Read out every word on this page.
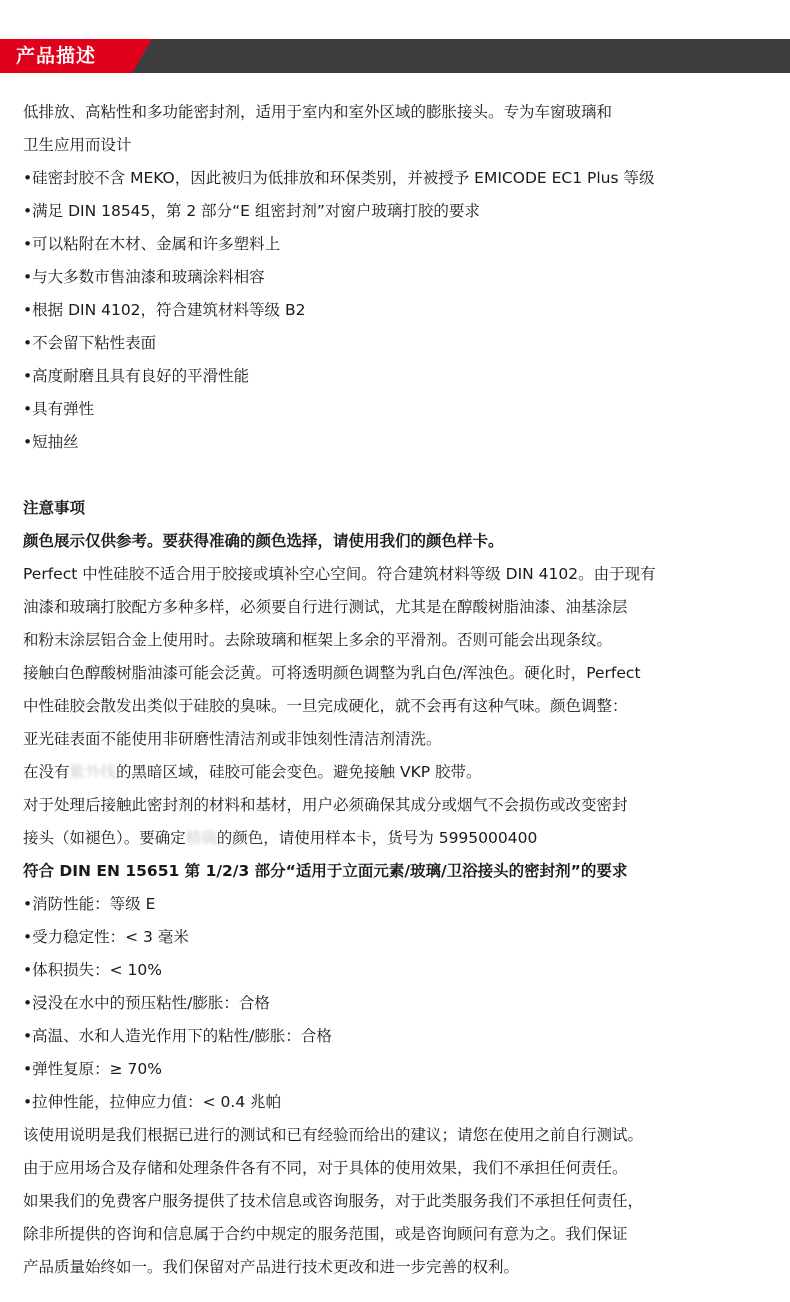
产品描述
低排放、高粘性和多功能密封剂，适用于室内和室外区域的膨胀接头。专为车窗玻璃和
卫生应用而设计
•硅密封胶不含 MEKO，因此被归为低排放和环保类别，并被授予 EMICODE EC1 Plus 等级
•满足 DIN 18545，第 2 部分“E 组密封剂”对窗户玻璃打胶的要求
•可以粘附在木材、金属和许多塑料上
•与大多数市售油漆和玻璃涂料相容
•根据 DIN 4102，符合建筑材料等级 B2
•不会留下粘性表面
•高度耐磨且具有良好的平滑性能
•具有弹性
•短抽丝
注意事项
颜色展示仅供参考。要获得准确的颜色选择，请使用我们的颜色样卡。
Perfect 中性硅胶不适合用于胶接或填补空心空间。符合建筑材料等级 DIN 4102。由于现有
油漆和玻璃打胶配方多种多样，必须要自行进行测试，尤其是在醇酸树脂油漆、油基涂层
和粉末涂层铝合金上使用时。去除玻璃和框架上多余的平滑剂。否则可能会出现条纹。
接触白色醇酸树脂油漆可能会泛黄。可将透明颜色调整为乳白色/浑浊色。硬化时，Perfect
中性硅胶会散发出类似于硅胶的臭味。一旦完成硬化，就不会再有这种气味。颜色调整：
亚光硅表面不能使用非研磨性清洁剂或非蚀刻性清洁剂清洗。
在没有紫外线的黑暗区域，硅胶可能会变色。避免接触 VKP 胶带。
对于处理后接触此密封剂的材料和基材，用户必须确保其成分或烟气不会损伤或改变密封
接头（如褪色）。要确定精确的颜色，请使用样本卡，货号为 5995000400
符合 DIN EN 15651 第 1/2/3 部分“适用于立面元素/玻璃/卫浴接头的密封剂”的要求
•消防性能：等级 E
•受力稳定性：< 3 毫米
•体积损失：< 10%
•浸没在水中的预压粘性/膨胀：合格
•高温、水和人造光作用下的粘性/膨胀：合格
•弹性复原：≥ 70%
•拉伸性能，拉伸应力值：< 0.4 兆帕
该使用说明是我们根据已进行的测试和已有经验而给出的建议；请您在使用之前自行测试。
由于应用场合及存储和处理条件各有不同，对于具体的使用效果，我们不承担任何责任。
如果我们的免费客户服务提供了技术信息或咨询服务，对于此类服务我们不承担任何责任，
除非所提供的咨询和信息属于合约中规定的服务范围，或是咨询顾问有意为之。我们保证
产品质量始终如一。我们保留对产品进行技术更改和进一步完善的权利。
